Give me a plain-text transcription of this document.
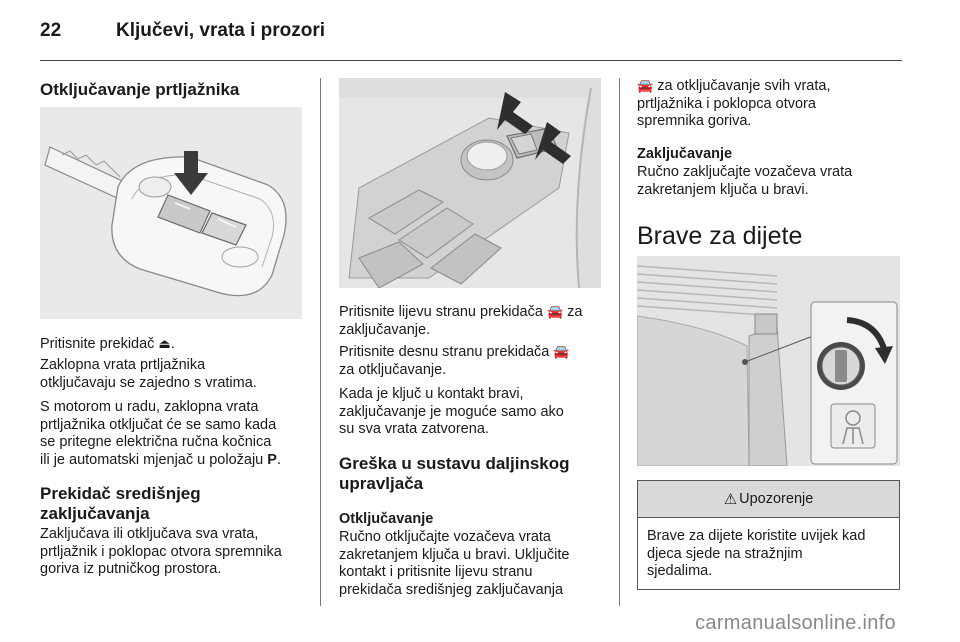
22	Ključevi, vrata i prozori
Otključavanje prtljažnika
Pritisnite prekidač ⏏.
Zaklopna vrata prtljažnika
otključavaju se zajedno s vratima.
S motorom u radu, zaklopna vrata
prtljažnika otključat će se samo kada
se pritegne električna ručna kočnica
ili je automatski mjenjač u položaju P.
Prekidač središnjeg
zaključavanja
Zaključava ili otključava sva vrata,
prtljažnik i poklopac otvora spremnika
goriva iz putničkog prostora.
Pritisnite lijevu stranu prekidača 🚘 za
zaključavanje.
Pritisnite desnu stranu prekidača 🚘
za otključavanje.
Kada je ključ u kontakt bravi,
zaključavanje je moguće samo ako
su sva vrata zatvorena.
Greška u sustavu daljinskog
upravljača
Otključavanje
Ručno otključajte vozačeva vrata
zakretanjem ključa u bravi. Uključite
kontakt i pritisnite lijevu stranu
prekidača središnjeg zaključavanja
🚘 za otključavanje svih vrata,
prtljažnika i poklopca otvora
spremnika goriva.
Zaključavanje
Ručno zaključajte vozačeva vrata
zakretanjem ključa u bravi.
Brave za dijete
⚠ Upozorenje
Brave za dijete koristite uvijek kad
djeca sjede na stražnjim
sjedalima.
carmanualsonline.info
